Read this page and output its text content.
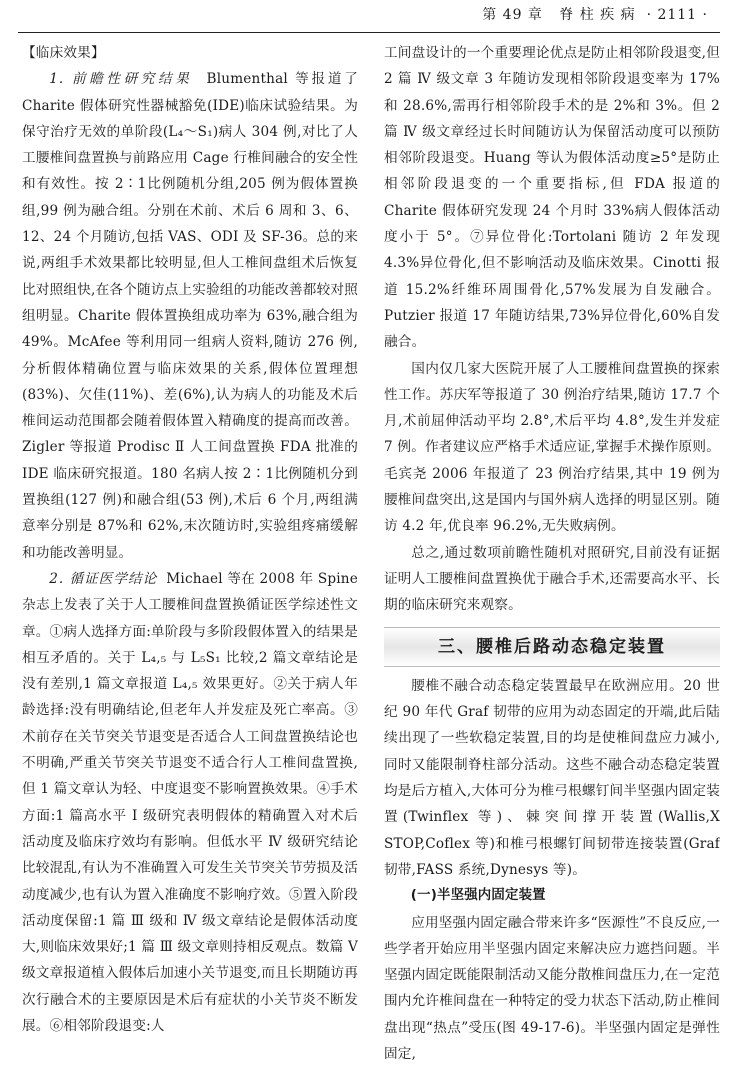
第 49 章 脊 柱 疾 病 · 2111 ·

【临床效果】

1. 前瞻性研究结果 Blumenthal 等报道了 Charite 假体研究性器械豁免(IDE)临床试验结果。为保守治疗无效的单阶段(L₄～S₁)病人 304 例,对比了人工腰椎间盘置换与前路应用 Cage 行椎间融合的安全性和有效性。按 2∶1比例随机分组,205 例为假体置换组,99 例为融合组。分别在术前、术后 6 周和 3、6、12、24 个月随访,包括 VAS、ODI 及 SF-36。总的来说,两组手术效果都比较明显,但人工椎间盘组术后恢复比对照组快,在各个随访点上实验组的功能改善都较对照组明显。Charite 假体置换组成功率为 63%,融合组为 49%。McAfee 等利用同一组病人资料,随访 276 例,分析假体精确位置与临床效果的关系,假体位置理想(83%)、欠佳(11%)、差(6%),认为病人的功能及术后椎间运动范围都会随着假体置入精确度的提高而改善。Zigler 等报道 Prodisc Ⅱ 人工间盘置换 FDA 批准的 IDE 临床研究报道。180 名病人按 2∶1比例随机分到置换组(127 例)和融合组(53 例),术后 6 个月,两组满意率分别是 87%和 62%,末次随访时,实验组疼痛缓解和功能改善明显。

2. 循证医学结论 Michael 等在 2008 年 Spine 杂志上发表了关于人工腰椎间盘置换循证医学综述性文章。①病人选择方面:单阶段与多阶段假体置入的结果是相互矛盾的。关于 L₄,₅ 与 L₅S₁ 比较,2 篇文章结论是没有差别,1 篇文章报道 L₄,₅ 效果更好。②关于病人年龄选择:没有明确结论,但老年人并发症及死亡率高。③术前存在关节突关节退变是否适合人工间盘置换结论也不明确,严重关节突关节退变不适合行人工椎间盘置换,但 1 篇文章认为轻、中度退变不影响置换效果。④手术方面:1 篇高水平 Ⅰ 级研究表明假体的精确置入对术后活动度及临床疗效均有影响。但低水平 Ⅳ 级研究结论比较混乱,有认为不准确置入可发生关节突关节劳损及活动度减少,也有认为置入准确度不影响疗效。⑤置入阶段活动度保留:1 篇 Ⅲ 级和 Ⅳ 级文章结论是假体活动度大,则临床效果好;1 篇 Ⅲ 级文章则持相反观点。数篇 Ⅴ 级文章报道植入假体后加速小关节退变,而且长期随访再次行融合术的主要原因是术后有症状的小关节炎不断发展。⑥相邻阶段退变:人

工间盘设计的一个重要理论优点是防止相邻阶段退变,但 2 篇 Ⅳ 级文章 3 年随访发现相邻阶段退变率为 17%和 28.6%,需再行相邻阶段手术的是 2%和 3%。但 2 篇 Ⅳ 级文章经过长时间随访认为保留活动度可以预防相邻阶段退变。Huang 等认为假体活动度≥5°是防止相邻阶段退变的一个重要指标,但 FDA 报道的 Charite 假体研究发现 24 个月时 33%病人假体活动度小于 5°。⑦异位骨化:Tortolani 随访 2 年发现 4.3%异位骨化,但不影响活动及临床效果。Cinotti 报道 15.2%纤维环周围骨化,57%发展为自发融合。Putzier 报道 17 年随访结果,73%异位骨化,60%自发融合。

国内仅几家大医院开展了人工腰椎间盘置换的探索性工作。苏庆军等报道了 30 例治疗结果,随访 17.7 个月,术前屈伸活动平均 2.8°,术后平均 4.8°,发生并发症 7 例。作者建议应严格手术适应证,掌握手术操作原则。毛宾尧 2006 年报道了 23 例治疗结果,其中 19 例为腰椎间盘突出,这是国内与国外病人选择的明显区别。随访 4.2 年,优良率 96.2%,无失败病例。

总之,通过数项前瞻性随机对照研究,目前没有证据证明人工腰椎间盘置换优于融合手术,还需要高水平、长期的临床研究来观察。

三、腰椎后路动态稳定装置

腰椎不融合动态稳定装置最早在欧洲应用。20 世纪 90 年代 Graf 韧带的应用为动态固定的开端,此后陆续出现了一些软稳定装置,目的均是使椎间盘应力减小,同时又能限制脊柱部分活动。这些不融合动态稳定装置均是后方植入,大体可分为椎弓根螺钉间半坚强内固定装置(Twinflex 等)、棘突间撑开装置(Wallis,X STOP,Coflex 等)和椎弓根螺钉间韧带连接装置(Graf 韧带,FASS 系统,Dynesys 等)。

(一)半坚强内固定装置

应用坚强内固定融合带来许多“医源性”不良反应,一些学者开始应用半坚强内固定来解决应力遮挡问题。半坚强内固定既能限制活动又能分散椎间盘压力,在一定范围内允许椎间盘在一种特定的受力状态下活动,防止椎间盘出现“热点”受压(图 49-17-6)。半坚强内固定是弹性固定,
